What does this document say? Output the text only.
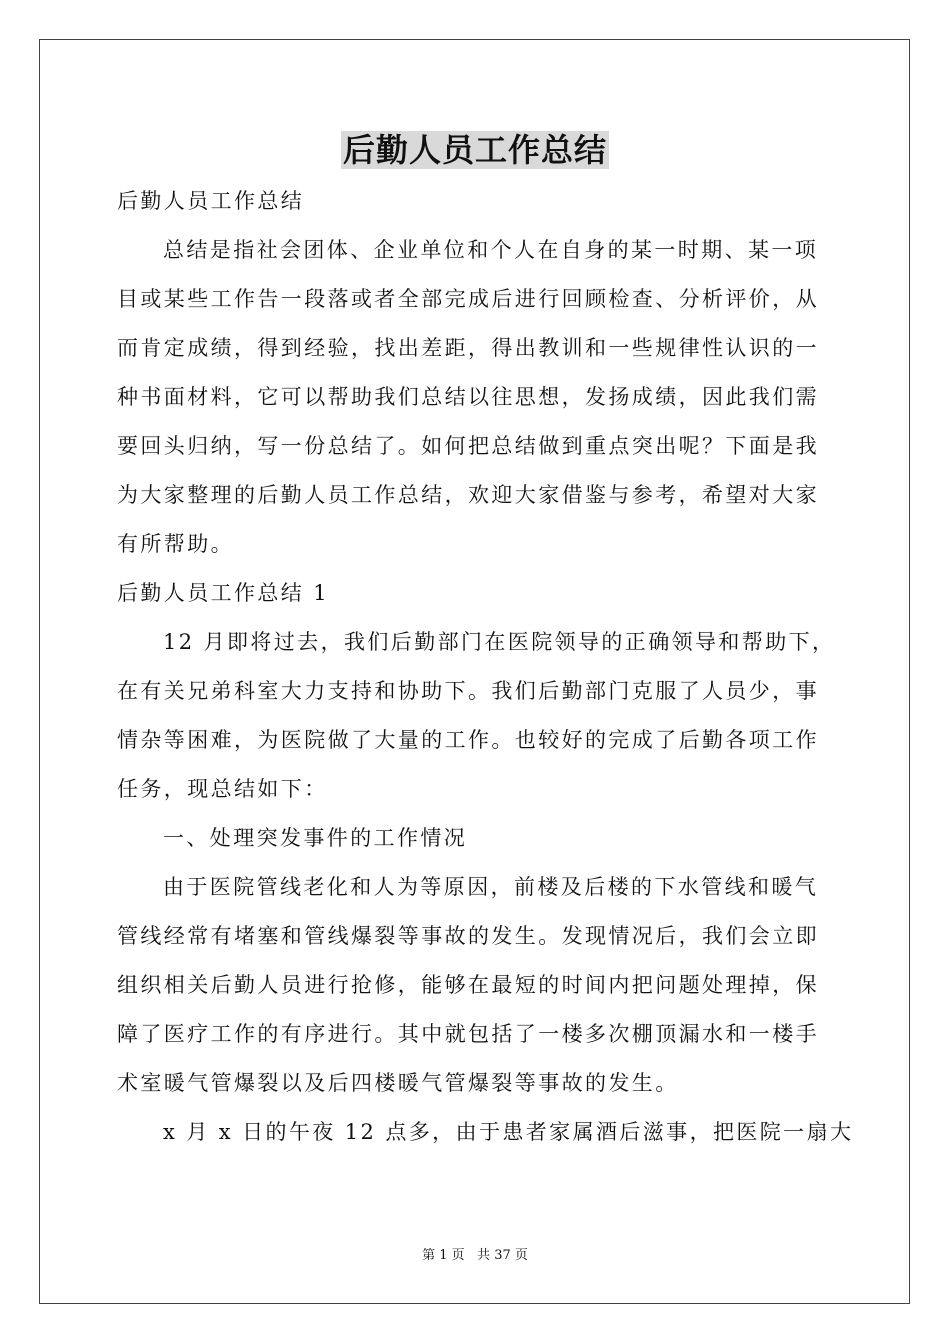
后勤人员工作总结
后勤人员工作总结
总结是指社会团体、企业单位和个人在自身的某一时期、某一项
目或某些工作告一段落或者全部完成后进行回顾检查、分析评价，从
而肯定成绩，得到经验，找出差距，得出教训和一些规律性认识的一
种书面材料，它可以帮助我们总结以往思想，发扬成绩，因此我们需
要回头归纳，写一份总结了。如何把总结做到重点突出呢？下面是我
为大家整理的后勤人员工作总结，欢迎大家借鉴与参考，希望对大家
有所帮助。
后勤人员工作总结 1
12 月即将过去，我们后勤部门在医院领导的正确领导和帮助下，
在有关兄弟科室大力支持和协助下。我们后勤部门克服了人员少，事
情杂等困难，为医院做了大量的工作。也较好的完成了后勤各项工作
任务，现总结如下：
一、处理突发事件的工作情况
由于医院管线老化和人为等原因，前楼及后楼的下水管线和暖气
管线经常有堵塞和管线爆裂等事故的发生。发现情况后，我们会立即
组织相关后勤人员进行抢修，能够在最短的时间内把问题处理掉，保
障了医疗工作的有序进行。其中就包括了一楼多次棚顶漏水和一楼手
术室暖气管爆裂以及后四楼暖气管爆裂等事故的发生。
x 月 x 日的午夜 12 点多，由于患者家属酒后滋事，把医院一扇大
第 1 页   共 37 页
